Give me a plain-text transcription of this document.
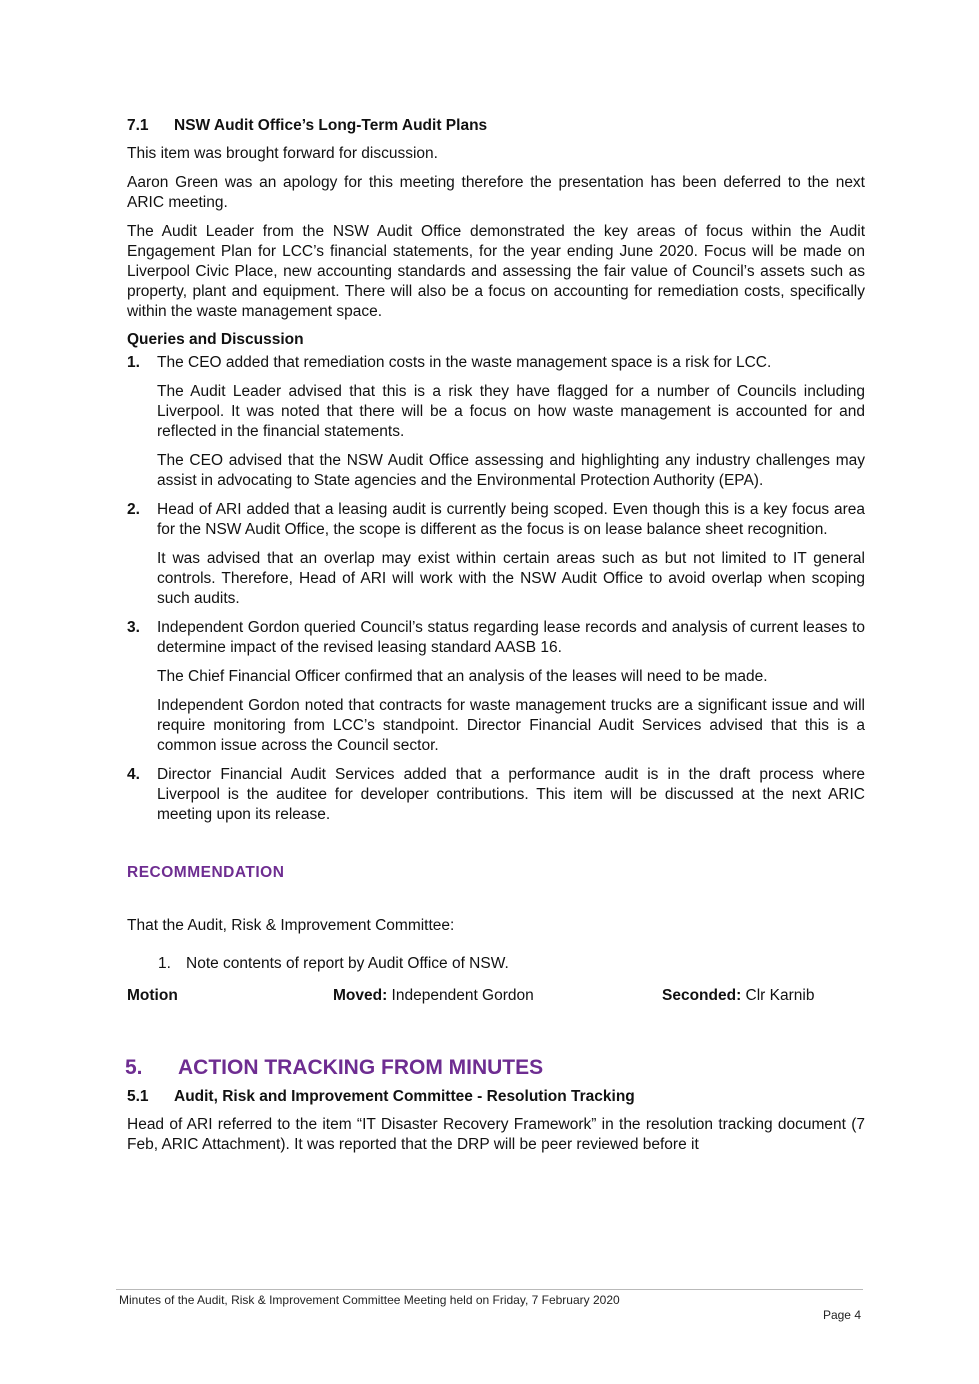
7.1	NSW Audit Office’s Long-Term Audit Plans

This item was brought forward for discussion.

Aaron Green was an apology for this meeting therefore the presentation has been deferred to the next ARIC meeting.

The Audit Leader from the NSW Audit Office demonstrated the key areas of focus within the Audit Engagement Plan for LCC’s financial statements, for the year ending June 2020. Focus will be made on Liverpool Civic Place, new accounting standards and assessing the fair value of Council’s assets such as property, plant and equipment. There will also be a focus on accounting for remediation costs, specifically within the waste management space.

Queries and Discussion
1.	The CEO added that remediation costs in the waste management space is a risk for LCC.

The Audit Leader advised that this is a risk they have flagged for a number of Councils including Liverpool. It was noted that there will be a focus on how waste management is accounted for and reflected in the financial statements.

The CEO advised that the NSW Audit Office assessing and highlighting any industry challenges may assist in advocating to State agencies and the Environmental Protection Authority (EPA).

2.	Head of ARI added that a leasing audit is currently being scoped. Even though this is a key focus area for the NSW Audit Office, the scope is different as the focus is on lease balance sheet recognition.

It was advised that an overlap may exist within certain areas such as but not limited to IT general controls. Therefore, Head of ARI will work with the NSW Audit Office to avoid overlap when scoping such audits.

3.	Independent Gordon queried Council’s status regarding lease records and analysis of current leases to determine impact of the revised leasing standard AASB 16.

The Chief Financial Officer confirmed that an analysis of the leases will need to be made.

Independent Gordon noted that contracts for waste management trucks are a significant issue and will require monitoring from LCC’s standpoint. Director Financial Audit Services advised that this is a common issue across the Council sector.

4.	Director Financial Audit Services added that a performance audit is in the draft process where Liverpool is the auditee for developer contributions. This item will be discussed at the next ARIC meeting upon its release.

RECOMMENDATION
That the Audit, Risk & Improvement Committee:
1. Note contents of report by Audit Office of NSW.
Motion	Moved: Independent Gordon	Seconded: Clr Karnib
5.	ACTION TRACKING FROM MINUTES
5.1	Audit, Risk and Improvement Committee - Resolution Tracking

Head of ARI referred to the item “IT Disaster Recovery Framework” in the resolution tracking document (7 Feb, ARIC Attachment). It was reported that the DRP will be peer reviewed before it

Minutes of the Audit, Risk & Improvement Committee Meeting held on Friday, 7 February 2020
Page 4
